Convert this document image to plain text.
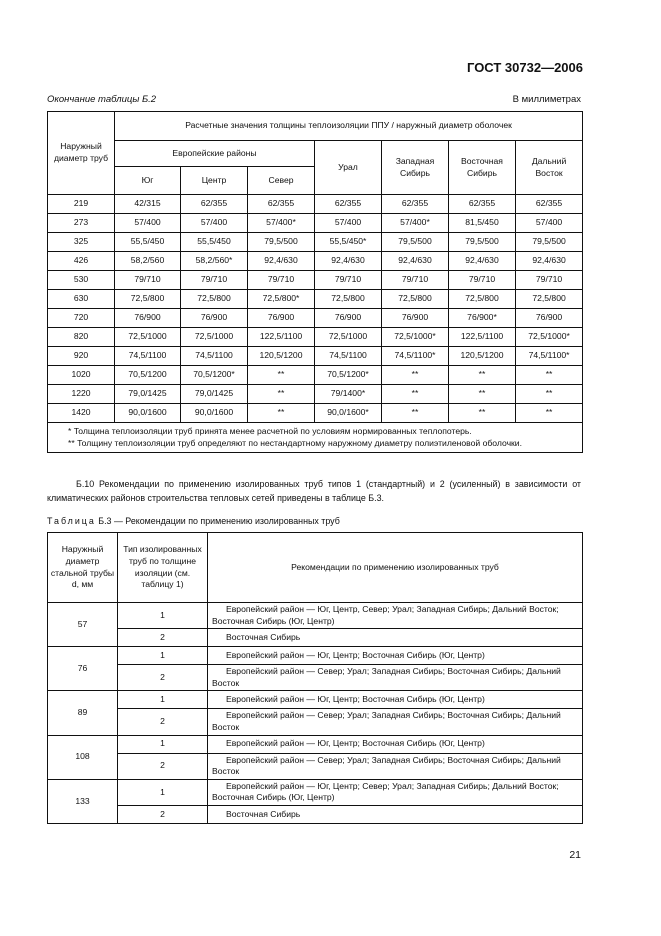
ГОСТ 30732—2006
Окончание таблицы Б.2	В миллиметрах
Наружный диаметр труб	Расчетные значения толщины теплоизоляции ППУ / наружный диаметр оболочек						
	Европейские районы			Урал	Западная Сибирь	Восточная Сибирь	Дальний Восток
	Юг	Центр	Север				
219	42/315	62/355	62/355	62/355	62/355	62/355	62/355
273	57/400	57/400	57/400*	57/400	57/400*	81,5/450	57/400
325	55,5/450	55,5/450	79,5/500	55,5/450*	79,5/500	79,5/500	79,5/500
426	58,2/560	58,2/560*	92,4/630	92,4/630	92,4/630	92,4/630	92,4/630
530	79/710	79/710	79/710	79/710	79/710	79/710	79/710
630	72,5/800	72,5/800	72,5/800*	72,5/800	72,5/800	72,5/800	72,5/800
720	76/900	76/900	76/900	76/900	76/900	76/900*	76/900
820	72,5/1000	72,5/1000	122,5/1100	72,5/1000	72,5/1000*	122,5/1100	72,5/1000*
920	74,5/1100	74,5/1100	120,5/1200	74,5/1100	74,5/1100*	120,5/1200	74,5/1100*
1020	70,5/1200	70,5/1200*	**	70,5/1200*	**	**	**
1220	79,0/1425	79,0/1425	**	79/1400*	**	**	**
1420	90,0/1600	90,0/1600	**	90,0/1600*	**	**	**

* Толщина теплоизоляции труб принята менее расчетной по условиям нормированных теплопотерь.
** Толщину теплоизоляции труб определяют по нестандартному наружному диаметру полиэтиленовой оболочки.							
Б.10 Рекомендации по применению изолированных труб типов 1 (стандартный) и 2 (усиленный) в зависимости от климатических районов строительства тепловых сетей приведены в таблице Б.3.
Таблица Б.3 — Рекомендации по применению изолированных труб
Наружный диаметр стальной трубы d, мм	Тип изолированных труб по толщине изоляции (см. таблицу 1)	Рекомендации по применению изолированных труб
57	1	Европейский район — Юг, Центр, Север; Урал; Западная Сибирь; Дальний Восток; Восточная Сибирь (Юг, Центр)
	2	Восточная Сибирь
76	1	Европейский район — Юг, Центр; Восточная Сибирь (Юг, Центр)
	2	Европейский район — Север; Урал; Западная Сибирь; Восточная Сибирь; Дальний Восток
89	1	Европейский район — Юг, Центр; Восточная Сибирь (Юг, Центр)
	2	Европейский район — Север; Урал; Западная Сибирь; Восточная Сибирь; Дальний Восток
108	1	Европейский район — Юг, Центр; Восточная Сибирь (Юг, Центр)
	2	Европейский район — Север; Урал; Западная Сибирь; Восточная Сибирь; Дальний Восток
133	1	Европейский район — Юг, Центр; Север; Урал; Западная Сибирь; Дальний Восток; Восточная Сибирь (Юг, Центр)
	2	Восточная Сибирь
21
